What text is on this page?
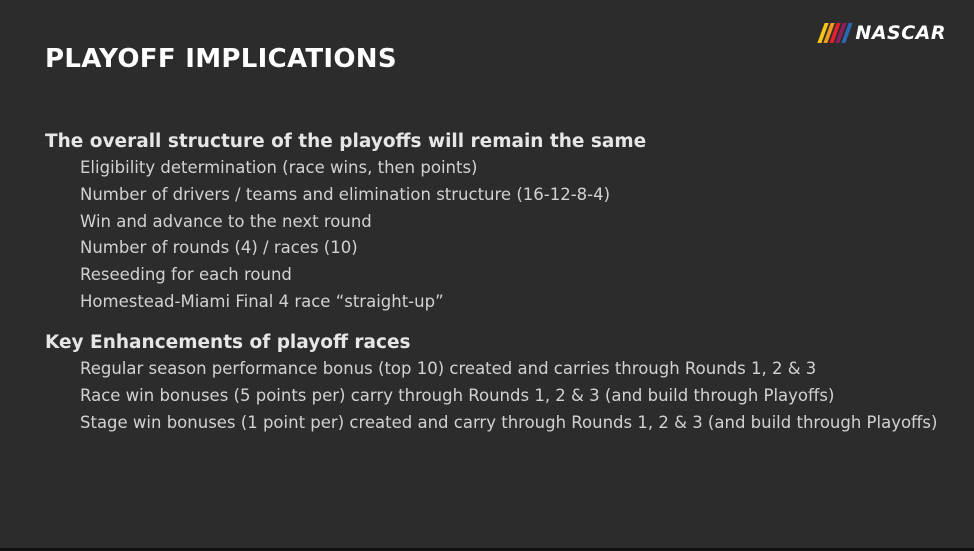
NASCAR
PLAYOFF IMPLICATIONS
The overall structure of the playoffs will remain the same
Eligibility determination (race wins, then points)
Number of drivers / teams and elimination structure (16-12-8-4)
Win and advance to the next round
Number of rounds (4) / races (10)
Reseeding for each round
Homestead-Miami Final 4 race “straight-up”
Key Enhancements of playoff races
Regular season performance bonus (top 10) created and carries through Rounds 1, 2 & 3
Race win bonuses (5 points per) carry through Rounds 1, 2 & 3 (and build through Playoffs)
Stage win bonuses (1 point per) created and carry through Rounds 1, 2 & 3 (and build through Playoffs)
